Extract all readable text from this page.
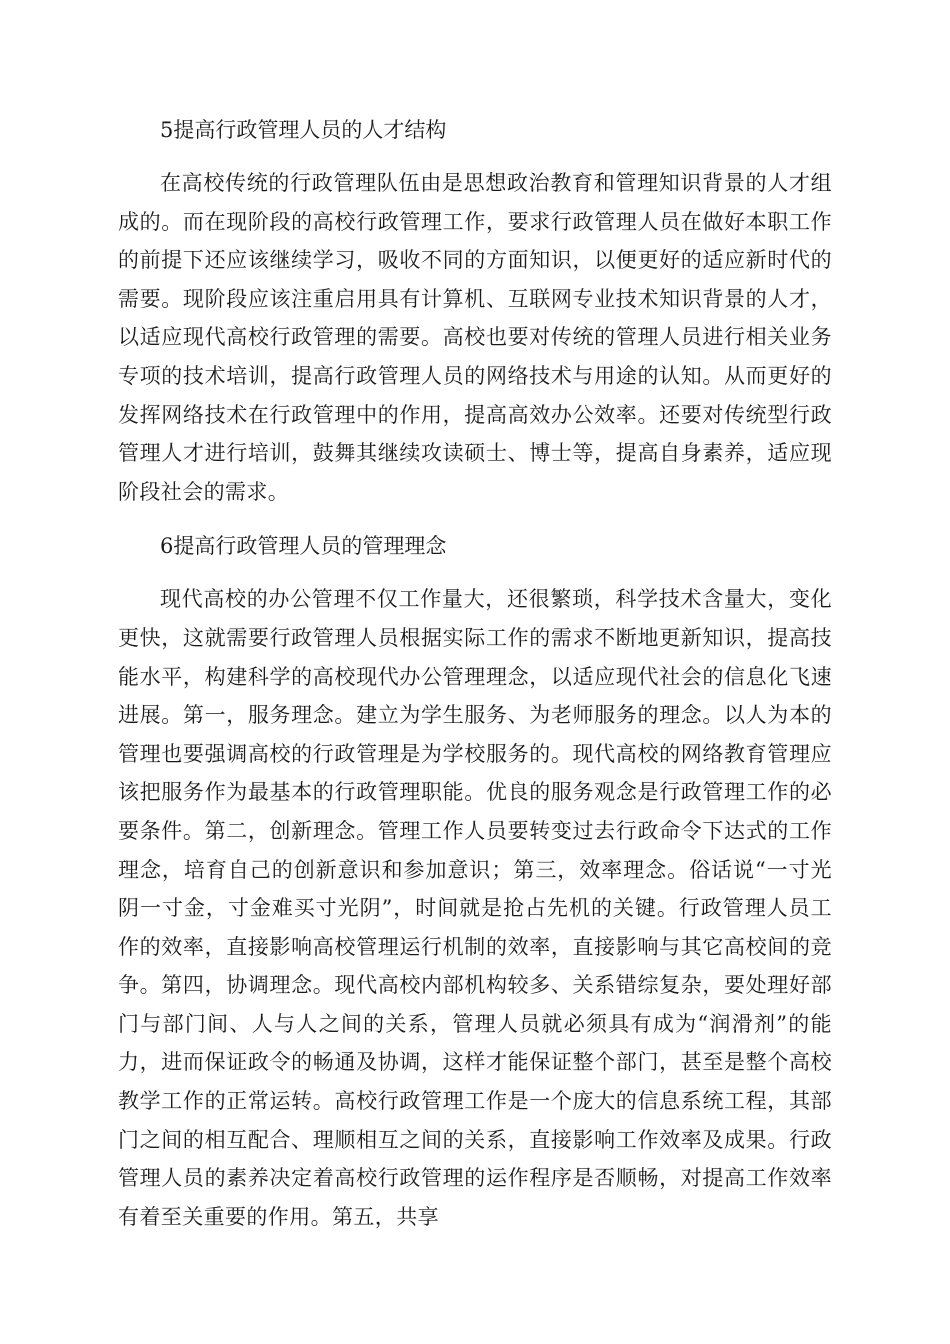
5提高行政管理人员的人才结构

在高校传统的行政管理队伍由是思想政治教育和管理知识背景的人才组成的。而在现阶段的高校行政管理工作，要求行政管理人员在做好本职工作的前提下还应该继续学习，吸收不同的方面知识，以便更好的适应新时代的需要。现阶段应该注重启用具有计算机、互联网专业技术知识背景的人才，以适应现代高校行政管理的需要。高校也要对传统的管理人员进行相关业务专项的技术培训，提高行政管理人员的网络技术与用途的认知。从而更好的发挥网络技术在行政管理中的作用，提高高效办公效率。还要对传统型行政管理人才进行培训，鼓舞其继续攻读硕士、博士等，提高自身素养，适应现阶段社会的需求。

6提高行政管理人员的管理理念

现代高校的办公管理不仅工作量大，还很繁琐，科学技术含量大，变化更快，这就需要行政管理人员根据实际工作的需求不断地更新知识，提高技能水平，构建科学的高校现代办公管理理念，以适应现代社会的信息化飞速进展。第一，服务理念。建立为学生服务、为老师服务的理念。以人为本的管理也要强调高校的行政管理是为学校服务的。现代高校的网络教育管理应该把服务作为最基本的行政管理职能。优良的服务观念是行政管理工作的必要条件。第二，创新理念。管理工作人员要转变过去行政命令下达式的工作理念，培育自己的创新意识和参加意识；第三，效率理念。俗话说“一寸光阴一寸金，寸金难买寸光阴”，时间就是抢占先机的关键。行政管理人员工作的效率，直接影响高校管理运行机制的效率，直接影响与其它高校间的竞争。第四，协调理念。现代高校内部机构较多、关系错综复杂，要处理好部门与部门间、人与人之间的关系，管理人员就必须具有成为“润滑剂”的能力，进而保证政令的畅通及协调，这样才能保证整个部门，甚至是整个高校教学工作的正常运转。高校行政管理工作是一个庞大的信息系统工程，其部门之间的相互配合、理顺相互之间的关系，直接影响工作效率及成果。行政管理人员的素养决定着高校行政管理的运作程序是否顺畅，对提高工作效率有着至关重要的作用。第五，共享
